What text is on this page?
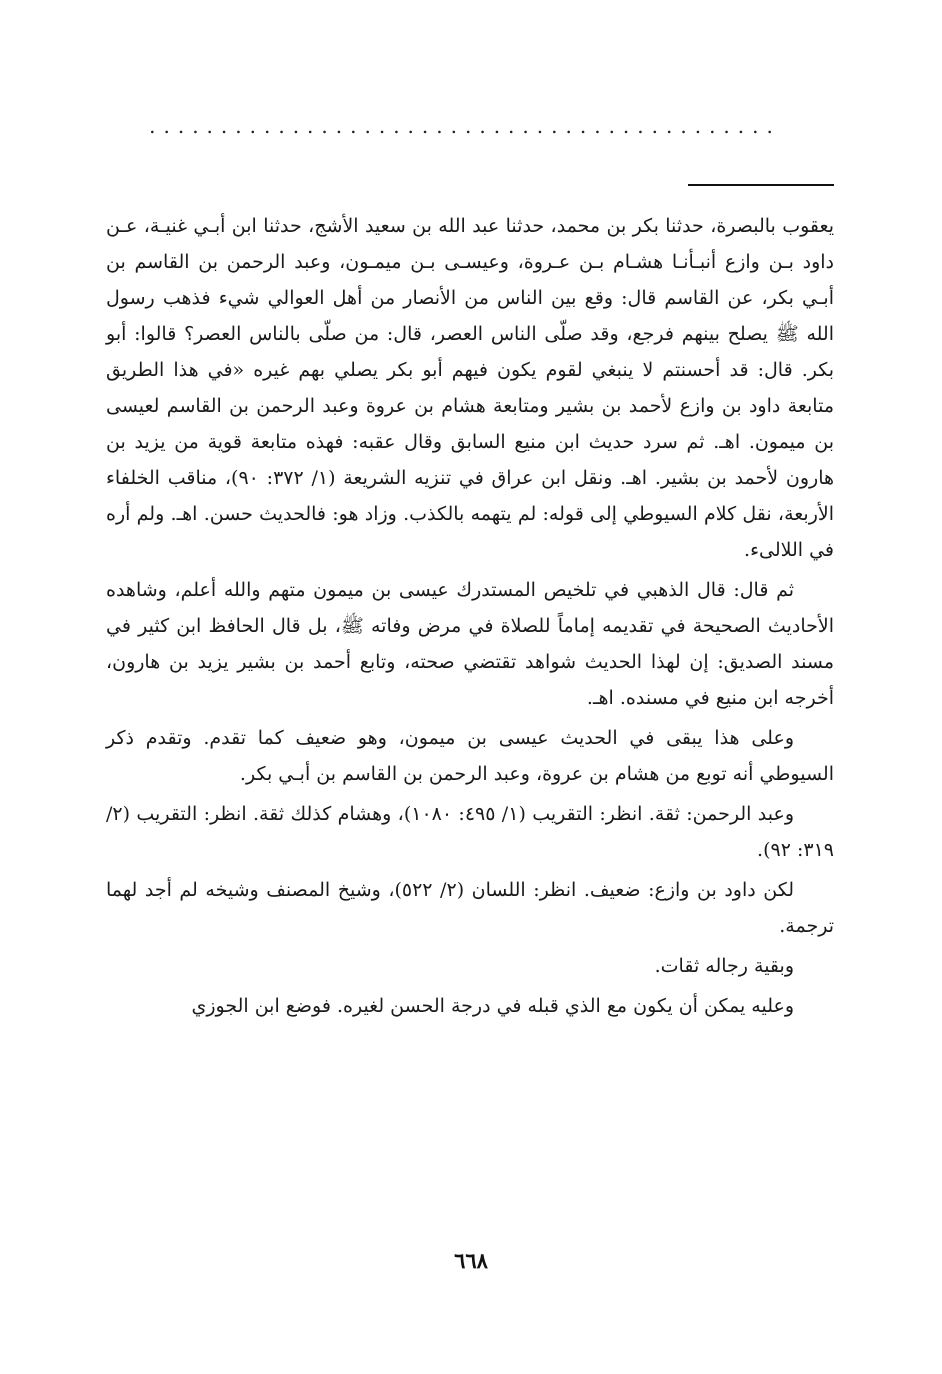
............................................

يعقوب بالبصرة، حدثنا بكر بن محمد، حدثنا عبد الله بن سعيد الأشج، حدثنا ابن أبـي غنيـة، عـن داود بـن وازع أنبـأنـا هشـام بـن عـروة، وعيسـى بـن ميمـون، وعبد الرحمن بن القاسم بن أبـي بكر، عن القاسم قال: وقع بين الناس من الأنصار من أهل العوالي شيء فذهب رسول الله ﷺ يصلح بينهم فرجع، وقد صلّى الناس العصر، قال: من صلّى بالناس العصر؟ قالوا: أبو بكر. قال: قد أحسنتم لا ينبغي لقوم يكون فيهم أبو بكر يصلي بهم غيره «في هذا الطريق متابعة داود بن وازع لأحمد بن بشير ومتابعة هشام بن عروة وعبد الرحمن بن القاسم لعيسى بن ميمون. اهـ. ثم سرد حديث ابن منيع السابق وقال عقبه: فهذه متابعة قوية من يزيد بن هارون لأحمد بن بشير. اهـ. ونقل ابن عراق في تنزيه الشريعة (١/ ٣٧٢: ٩٠)، مناقب الخلفاء الأربعة، نقل كلام السيوطي إلى قوله: لم يتهمه بالكذب. وزاد هو: فالحديث حسن. اهـ. ولم أره في اللالىء.

ثم قال: قال الذهبي في تلخيص المستدرك عيسى بن ميمون متهم والله أعلم، وشاهده الأحاديث الصحيحة في تقديمه إماماً للصلاة في مرض وفاته ﷺ، بل قال الحافظ ابن كثير في مسند الصديق: إن لهذا الحديث شواهد تقتضي صحته، وتابع أحمد بن بشير يزيد بن هارون، أخرجه ابن منيع في مسنده. اهـ.

وعلى هذا يبقى في الحديث عيسى بن ميمون، وهو ضعيف كما تقدم. وتقدم ذكر السيوطي أنه توبع من هشام بن عروة، وعبد الرحمن بن القاسم بن أبـي بكر.

وعبد الرحمن: ثقة. انظر: التقريب (١/ ٤٩٥: ١٠٨٠)، وهشام كذلك ثقة. انظر: التقريب (٢/ ٣١٩: ٩٢).

لكن داود بن وازع: ضعيف. انظر: اللسان (٢/ ٥٢٢)، وشيخ المصنف وشيخه لم أجد لهما ترجمة.

وبقية رجاله ثقات.

وعليه يمكن أن يكون مع الذي قبله في درجة الحسن لغيره. فوضع ابن الجوزي

٦٦٨
